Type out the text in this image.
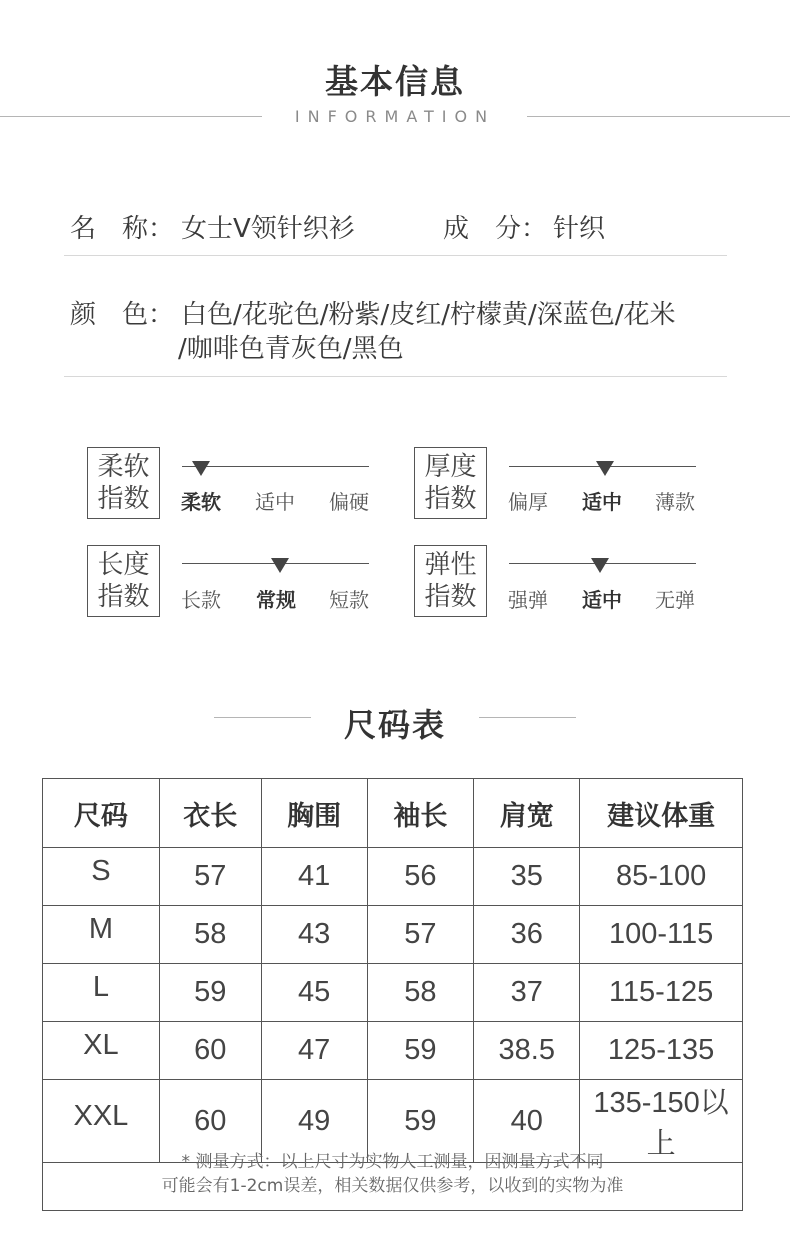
基本信息
INFORMATION
名　称： 女士V领针织衫	成　分： 针织
颜　色： 白色/花驼色/粉紫/皮红/柠檬黄/深蓝色/花米
/咖啡色青灰色/黑色
柔软
指数 柔软 适中 偏硬
厚度
指数 偏厚 适中 薄款
长度
指数 长款 常规 短款
弹性
指数 强弹 适中 无弹
尺码表
尺码	衣长	胸围	袖长	肩宽	建议体重
S	57	41	56	35	85-100
M	58	43	57	36	100-115
L	59	45	58	37	115-125
XL	60	47	59	38.5	125-135
XXL	60	49	59	40	135-150以上
* 测量方式：以上尺寸为实物人工测量，因测量方式不同
可能会有1-2cm误差，相关数据仅供参考，以收到的实物为准
